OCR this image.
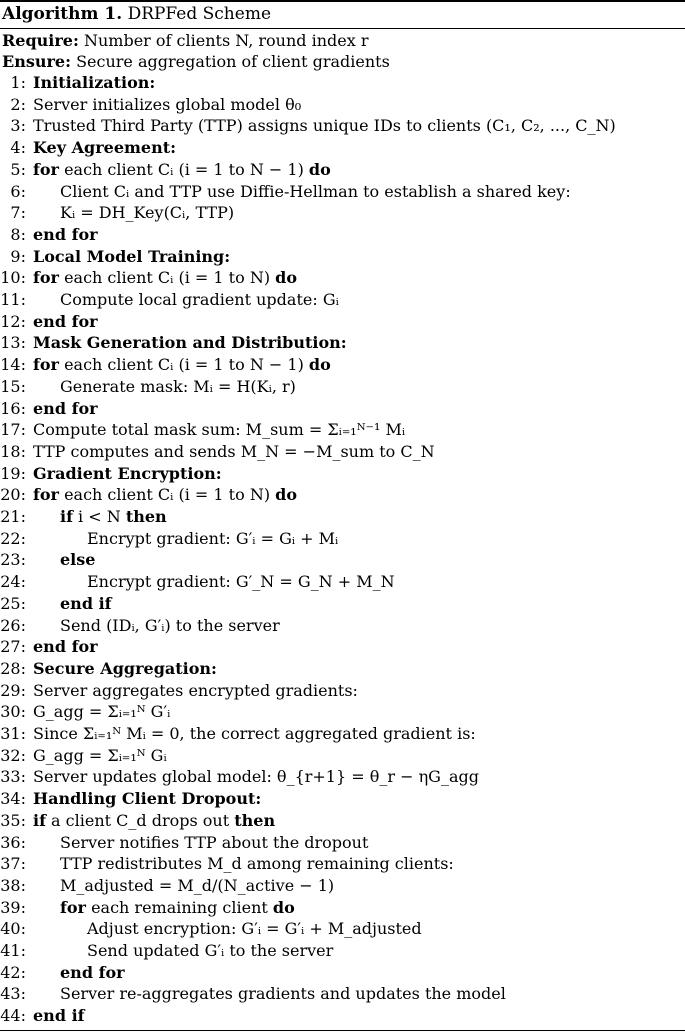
Algorithm 1. DRPFed Scheme
Require: Number of clients N, round index r
Ensure: Secure aggregation of client gradients
1: Initialization:
2: Server initializes global model θ₀
3: Trusted Third Party (TTP) assigns unique IDs to clients (C₁, C₂, ..., C_N)
4: Key Agreement:
5: for each client Cᵢ (i = 1 to N − 1) do
6: Client Cᵢ and TTP use Diffie-Hellman to establish a shared key:
7: Kᵢ = DH_Key(Cᵢ, TTP)
8: end for
9: Local Model Training:
10: for each client Cᵢ (i = 1 to N) do
11: Compute local gradient update: Gᵢ
12: end for
13: Mask Generation and Distribution:
14: for each client Cᵢ (i = 1 to N − 1) do
15: Generate mask: Mᵢ = H(Kᵢ, r)
16: end for
17: Compute total mask sum: M_sum = Σᵢ₌₁ᴺ⁻¹ Mᵢ
18: TTP computes and sends M_N = −M_sum to C_N
19: Gradient Encryption:
20: for each client Cᵢ (i = 1 to N) do
21: if i < N then
22:	Encrypt gradient: G′ᵢ = Gᵢ + Mᵢ
23: else
24:	Encrypt gradient: G′_N = G_N + M_N
25: end if
26: Send (IDᵢ, G′ᵢ) to the server
27: end for
28: Secure Aggregation:
29: Server aggregates encrypted gradients:
30: G_agg = Σᵢ₌₁ᴺ G′ᵢ
31: Since Σᵢ₌₁ᴺ Mᵢ = 0, the correct aggregated gradient is:
32: G_agg = Σᵢ₌₁ᴺ Gᵢ
33: Server updates global model: θ_{r+1} = θ_r − ηG_agg
34: Handling Client Dropout:
35: if a client C_d drops out then
36: Server notifies TTP about the dropout
37: TTP redistributes M_d among remaining clients:
38: M_adjusted = M_d/(N_active − 1)
39: for each remaining client do
40:	Adjust encryption: G′ᵢ = G′ᵢ + M_adjusted
41:	Send updated G′ᵢ to the server
42: end for
43: Server re-aggregates gradients and updates the model
44: end if
